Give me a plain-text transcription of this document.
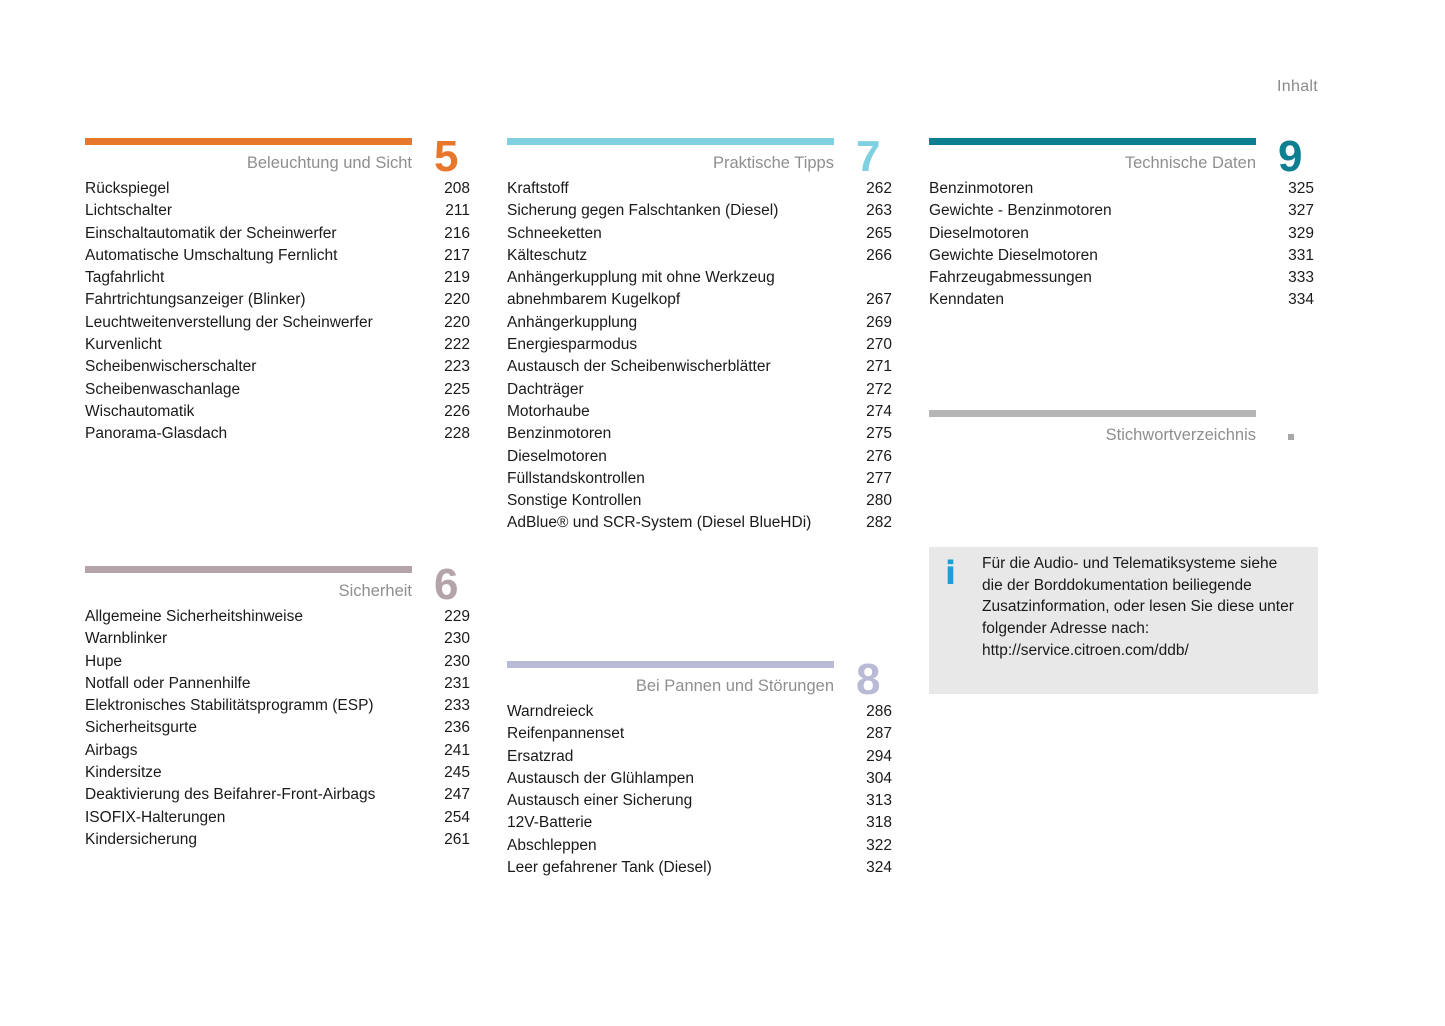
Inhalt
Beleuchtung und Sicht 5
Rückspiegel	208
Lichtschalter	211
Einschaltautomatik der Scheinwerfer	216
Automatische Umschaltung Fernlicht	217
Tagfahrlicht	219
Fahrtrichtungsanzeiger (Blinker)	220
Leuchtweitenverstellung der Scheinwerfer	220
Kurvenlicht	222
Scheibenwischerschalter	223
Scheibenwaschanlage	225
Wischautomatik	226
Panorama-Glasdach	228
Sicherheit 6
Allgemeine Sicherheitshinweise	229
Warnblinker	230
Hupe	230
Notfall oder Pannenhilfe	231
Elektronisches Stabilitätsprogramm (ESP)	233
Sicherheitsgurte	236
Airbags	241
Kindersitze	245
Deaktivierung des Beifahrer-Front-Airbags	247
ISOFIX-Halterungen	254
Kindersicherung	261
Praktische Tipps 7
Kraftstoff	262
Sicherung gegen Falschtanken (Diesel)	263
Schneeketten	265
Kälteschutz	266
Anhängerkupplung mit ohne Werkzeug abnehmbarem Kugelkopf	267
Anhängerkupplung	269
Energiesparmodus	270
Austausch der Scheibenwischerblätter	271
Dachträger	272
Motorhaube	274
Benzinmotoren	275
Dieselmotoren	276
Füllstandskontrollen	277
Sonstige Kontrollen	280
AdBlue® und SCR-System (Diesel BlueHDi)	282
Bei Pannen und Störungen 8
Warndreieck	286
Reifenpannenset	287
Ersatzrad	294
Austausch der Glühlampen	304
Austausch einer Sicherung	313
12V-Batterie	318
Abschleppen	322
Leer gefahrener Tank (Diesel)	324
Technische Daten 9
Benzinmotoren	325
Gewichte - Benzinmotoren	327
Dieselmotoren	329
Gewichte Dieselmotoren	331
Fahrzeugabmessungen	333
Kenndaten	334
Stichwortverzeichnis
i Für die Audio- und Telematiksysteme siehe
die der Borddokumentation beiliegende
Zusatzinformation, oder lesen Sie diese unter
folgender Adresse nach:
http://service.citroen.com/ddb/
